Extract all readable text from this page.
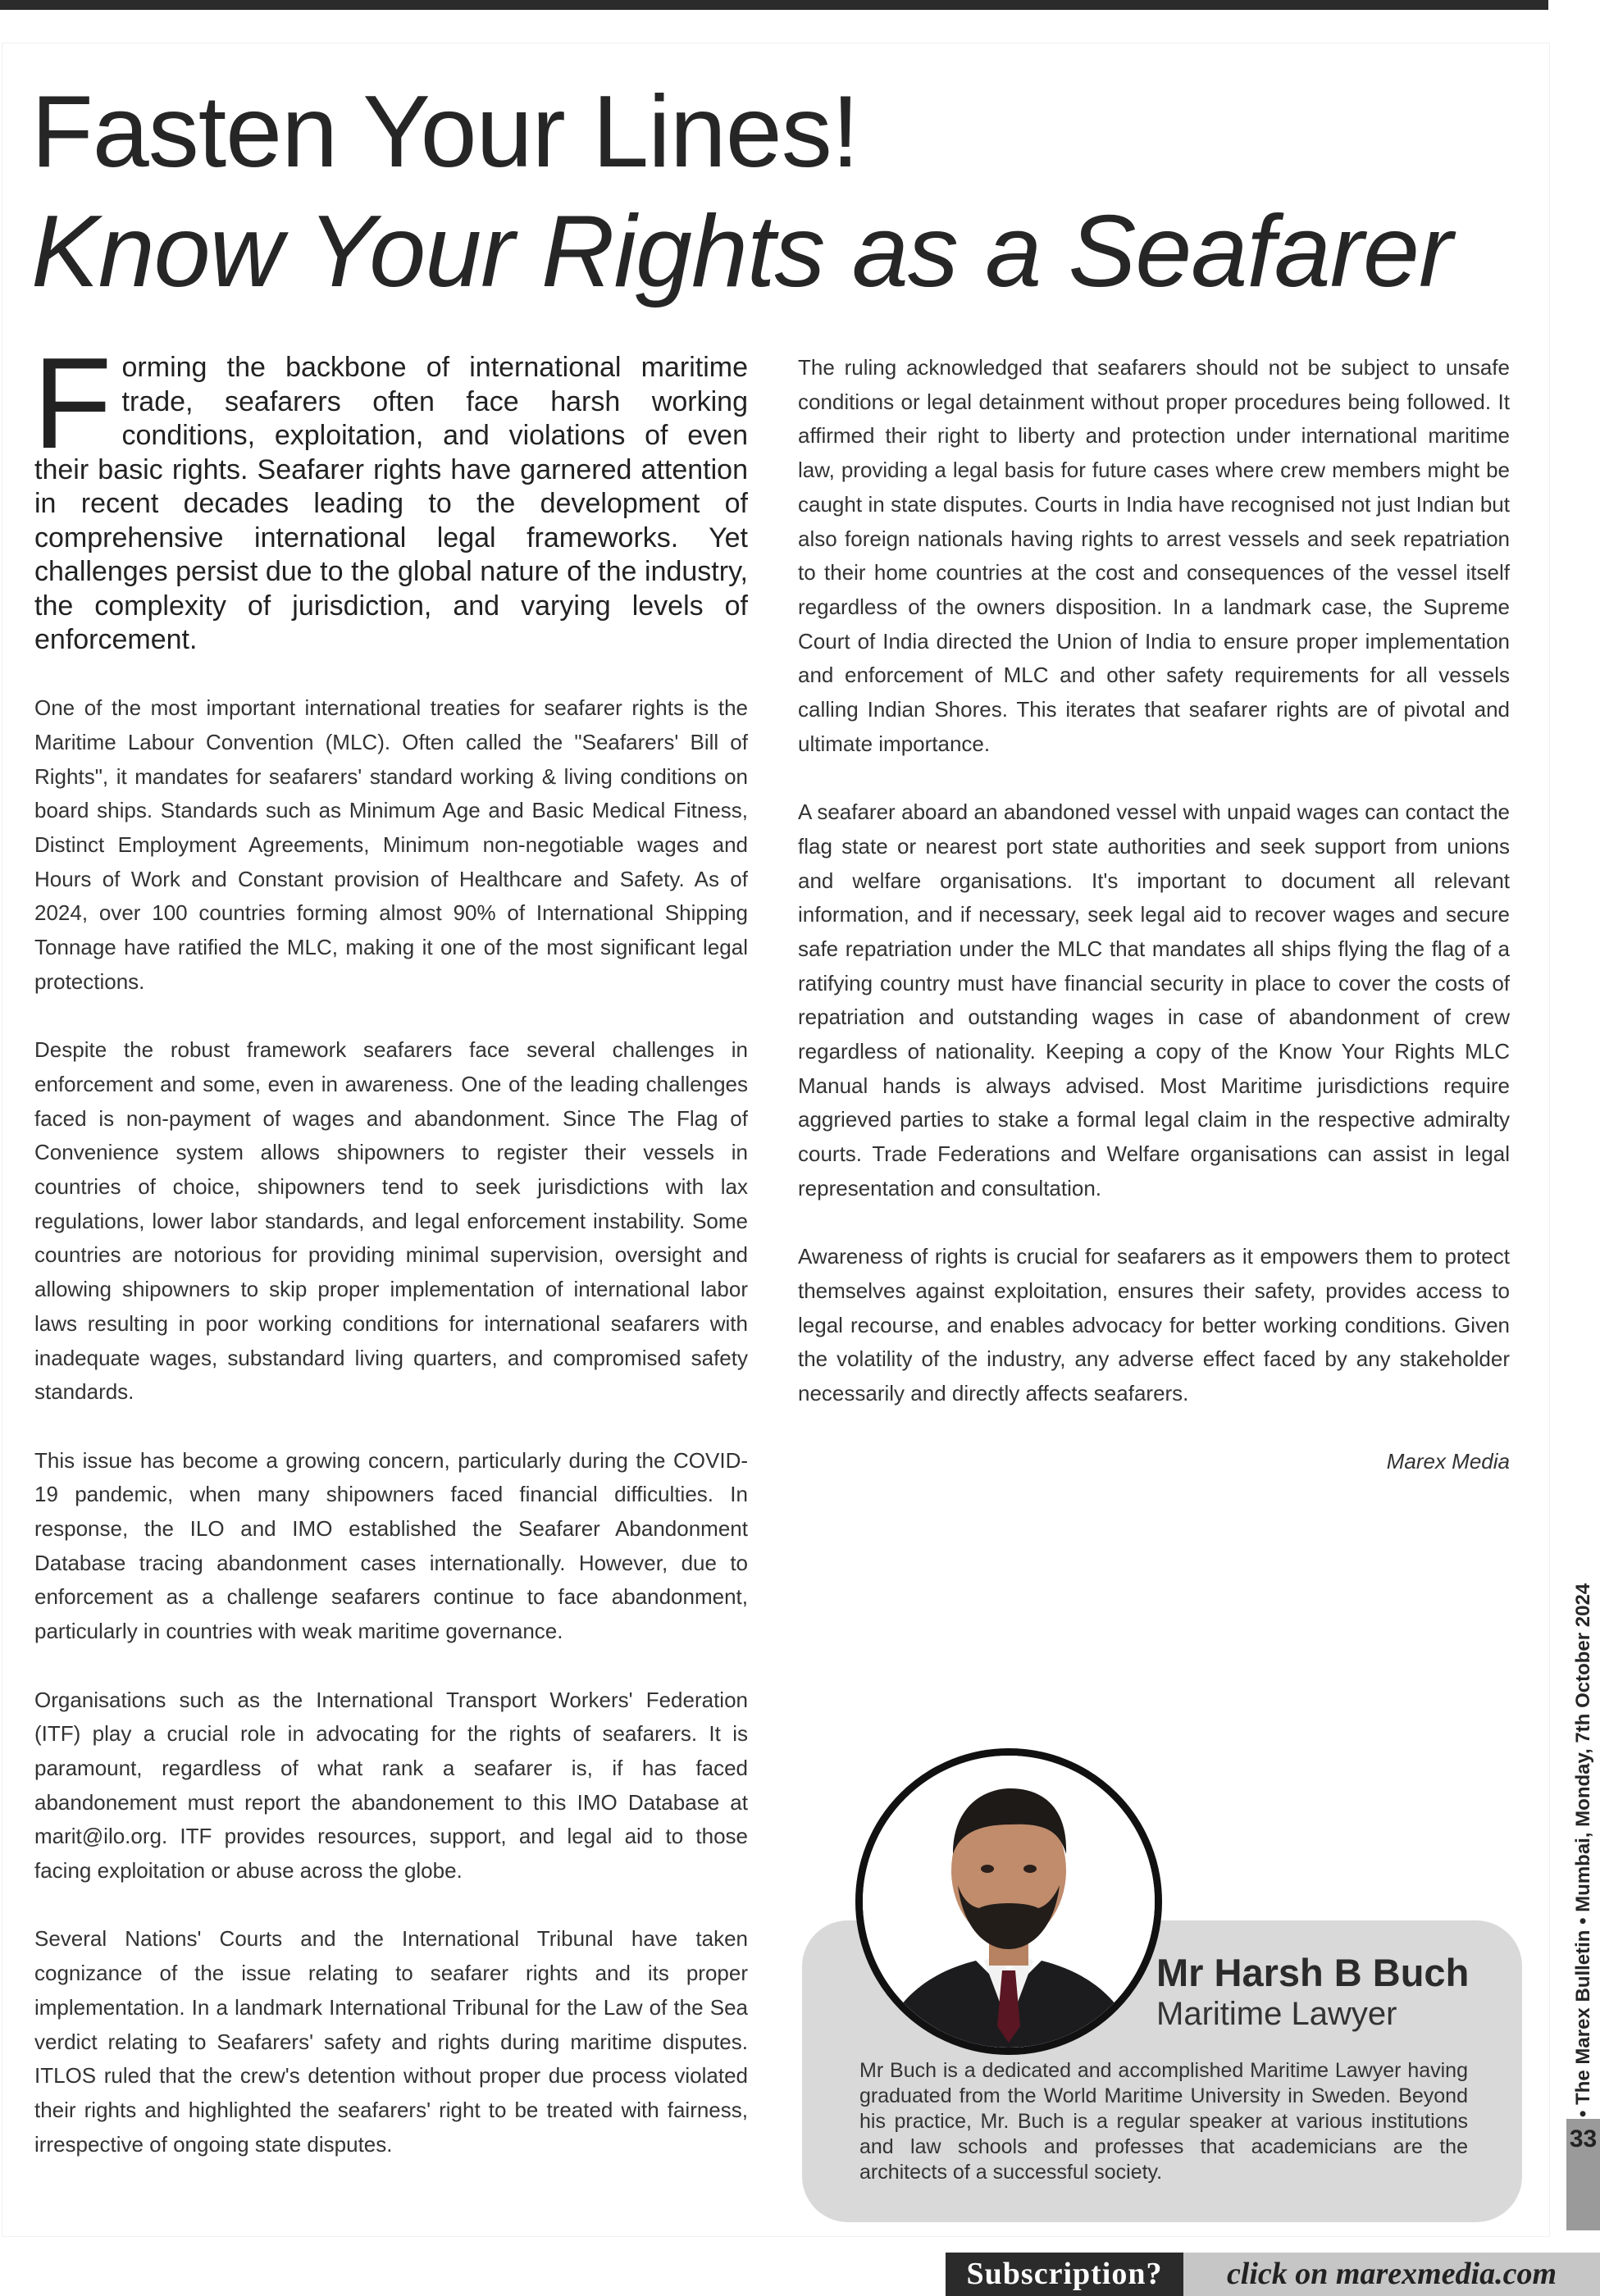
Fasten Your Lines!
Know Your Rights as a Seafarer

Forming the backbone of international maritime trade, seafarers often face harsh working conditions, exploitation, and violations of even their basic rights. Seafarer rights have garnered attention in recent decades leading to the development of comprehensive international legal frameworks. Yet challenges persist due to the global nature of the industry, the complexity of jurisdiction, and varying levels of enforcement.

One of the most important international treaties for seafarer rights is the Maritime Labour Convention (MLC). Often called the "Seafarers' Bill of Rights", it mandates for seafarers' standard working & living conditions on board ships. Standards such as Minimum Age and Basic Medical Fitness, Distinct Employment Agreements, Minimum non-negotiable wages and Hours of Work and Constant provision of Healthcare and Safety. As of 2024, over 100 countries forming almost 90% of International Shipping Tonnage have ratified the MLC, making it one of the most significant legal protections.

Despite the robust framework seafarers face several challenges in enforcement and some, even in awareness. One of the leading challenges faced is non-payment of wages and abandonment. Since The Flag of Convenience system allows shipowners to register their vessels in countries of choice, shipowners tend to seek jurisdictions with lax regulations, lower labor standards, and legal enforcement instability. Some countries are notorious for providing minimal supervision, oversight and allowing shipowners to skip proper implementation of international labor laws resulting in poor working conditions for international seafarers with inadequate wages, substandard living quarters, and compromised safety standards.

This issue has become a growing concern, particularly during the COVID-19 pandemic, when many shipowners faced financial difficulties. In response, the ILO and IMO established the Seafarer Abandonment Database tracing abandonment cases internationally. However, due to enforcement as a challenge seafarers continue to face abandonment, particularly in countries with weak maritime governance.

Organisations such as the International Transport Workers' Federation (ITF) play a crucial role in advocating for the rights of seafarers. It is paramount, regardless of what rank a seafarer is, if has faced abandonement must report the abandonement to this IMO Database at marit@ilo.org. ITF provides resources, support, and legal aid to those facing exploitation or abuse across the globe.

Several Nations' Courts and the International Tribunal have taken cognizance of the issue relating to seafarer rights and its proper implementation. In a landmark International Tribunal for the Law of the Sea verdict relating to Seafarers' safety and rights during maritime disputes. ITLOS ruled that the crew's detention without proper due process violated their rights and highlighted the seafarers' right to be treated with fairness, irrespective of ongoing state disputes.

The ruling acknowledged that seafarers should not be subject to unsafe conditions or legal detainment without proper procedures being followed. It affirmed their right to liberty and protection under international maritime law, providing a legal basis for future cases where crew members might be caught in state disputes. Courts in India have recognised not just Indian but also foreign nationals having rights to arrest vessels and seek repatriation to their home countries at the cost and consequences of the vessel itself regardless of the owners disposition. In a landmark case, the Supreme Court of India directed the Union of India to ensure proper implementation and enforcement of MLC and other safety requirements for all vessels calling Indian Shores. This iterates that seafarer rights are of pivotal and ultimate importance.

A seafarer aboard an abandoned vessel with unpaid wages can contact the flag state or nearest port state authorities and seek support from unions and welfare organisations. It's important to document all relevant information, and if necessary, seek legal aid to recover wages and secure safe repatriation under the MLC that mandates all ships flying the flag of a ratifying country must have financial security in place to cover the costs of repatriation and outstanding wages in case of abandonment of crew regardless of nationality. Keeping a copy of the Know Your Rights MLC Manual hands is always advised. Most Maritime jurisdictions require aggrieved parties to stake a formal legal claim in the respective admiralty courts. Trade Federations and Welfare organisations can assist in legal representation and consultation.

Awareness of rights is crucial for seafarers as it empowers them to protect themselves against exploitation, ensures their safety, provides access to legal recourse, and enables advocacy for better working conditions. Given the volatility of the industry, any adverse effect faced by any stakeholder necessarily and directly affects seafarers.

Marex Media

Mr Harsh B Buch

Maritime Lawyer

Mr Buch is a dedicated and accomplished Maritime Lawyer having graduated from the World Maritime University in Sweden. Beyond his practice, Mr. Buch is a regular speaker at various institutions and law schools and professes that academicians are the architects of a successful society.

• The Marex Bulletin • Mumbai, Monday, 7th October 2024

33

Subscription?	click on marexmedia.com
